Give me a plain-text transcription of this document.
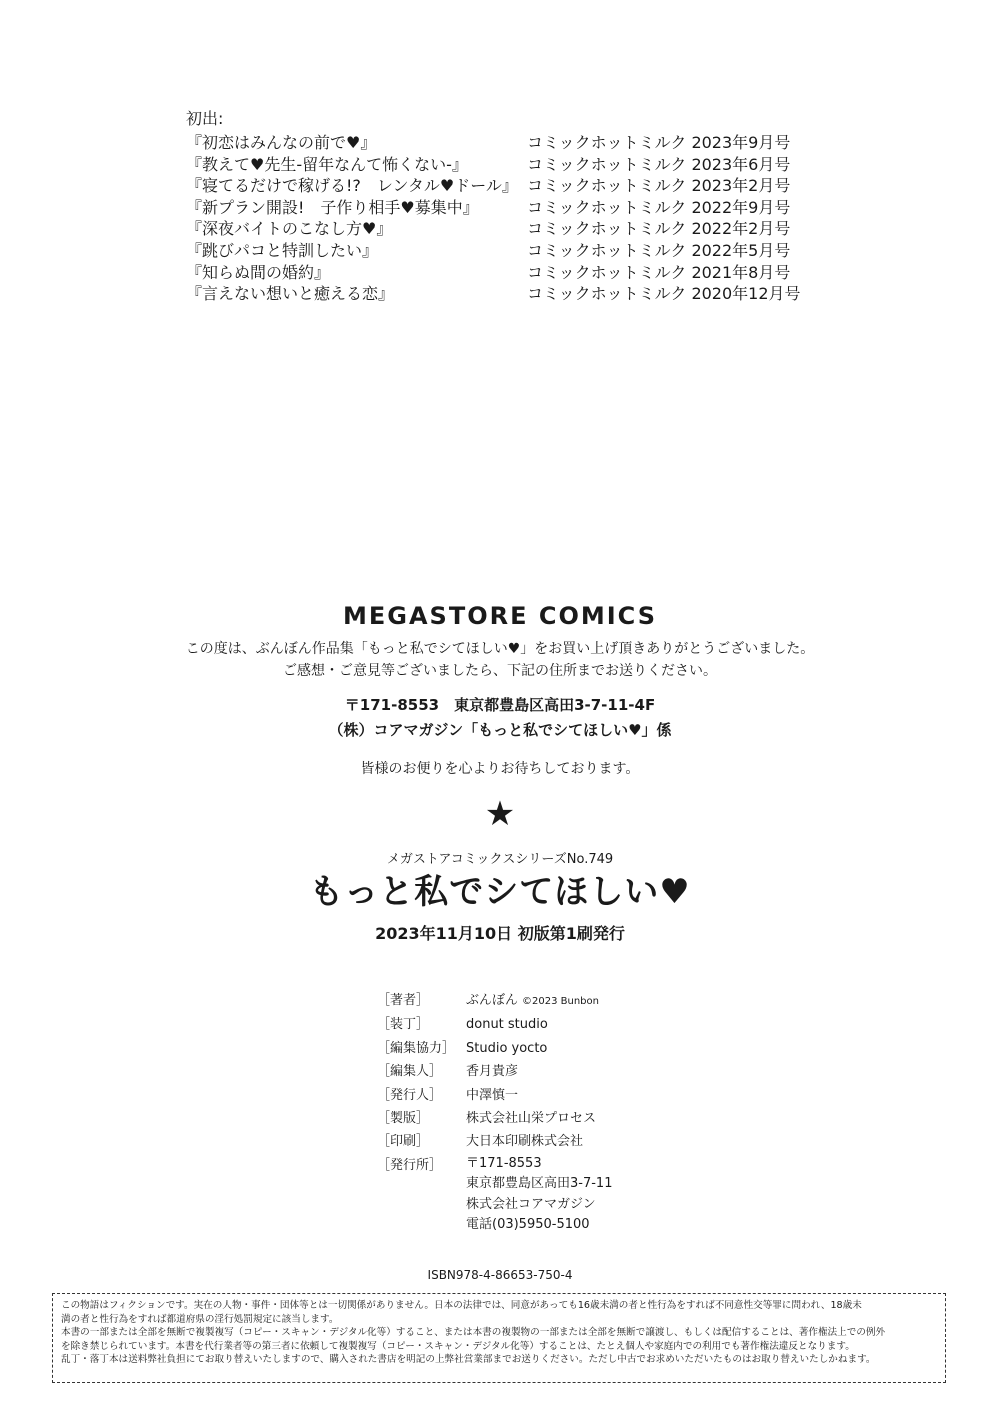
初出:
『初恋はみんなの前で♥』	コミックホットミルク 2023年9月号
『教えて♥先生-留年なんて怖くない-』	コミックホットミルク 2023年6月号
『寝てるだけで稼げる!?　レンタル♥ドール』 コミックホットミルク 2023年2月号
『新プラン開設!　子作り相手♥募集中』	コミックホットミルク 2022年9月号
『深夜バイトのこなし方♥』	コミックホットミルク 2022年2月号
『跳びパコと特訓したい』	コミックホットミルク 2022年5月号
『知らぬ間の婚約』	コミックホットミルク 2021年8月号
『言えない想いと癒える恋』	コミックホットミルク 2020年12月号
MEGASTORE COMICS
この度は、ぶんぼん作品集「もっと私でシてほしい♥」をお買い上げ頂きありがとうございました。
ご感想・ご意見等ございましたら、下記の住所までお送りください。
〒171-8553　東京都豊島区高田3-7-11-4F
（株）コアマガジン「もっと私でシてほしい♥」係
皆様のお便りを心よりお待ちしております。
★
メガストアコミックスシリーズNo.749
もっと私でシてほしい♥
2023年11月10日 初版第1刷発行
［著者］	ぶんぼん ©2023 Bunbon
［装丁］	donut studio
［編集協力］ Studio yocto
［編集人］	香月貴彦
［発行人］	中澤慎一
［製版］	株式会社山栄プロセス
［印刷］	大日本印刷株式会社
［発行所］	〒171-8553
東京都豊島区高田3-7-11
株式会社コアマガジン
電話(03)5950-5100
ISBN978-4-86653-750-4

この物語はフィクションです。実在の人物・事件・団体等とは一切関係がありません。日本の法律では、同意があっても16歳未満の者と性行為をすれば不同意性交等罪に問われ、18歳未

満の者と性行為をすれば都道府県の淫行処罰規定に該当します。

本書の一部または全部を無断で複製複写（コピー・スキャン・デジタル化等）すること、または本書の複製物の一部または全部を無断で譲渡し、もしくは配信することは、著作権法上での例外

を除き禁じられています。本書を代行業者等の第三者に依頼して複製複写（コピー・スキャン・デジタル化等）することは、たとえ個人や家庭内での利用でも著作権法違反となります。

乱丁・落丁本は送料弊社負担にてお取り替えいたしますので、購入された書店を明記の上弊社営業部までお送りください。ただし中古でお求めいただいたものはお取り替えいたしかねます。
